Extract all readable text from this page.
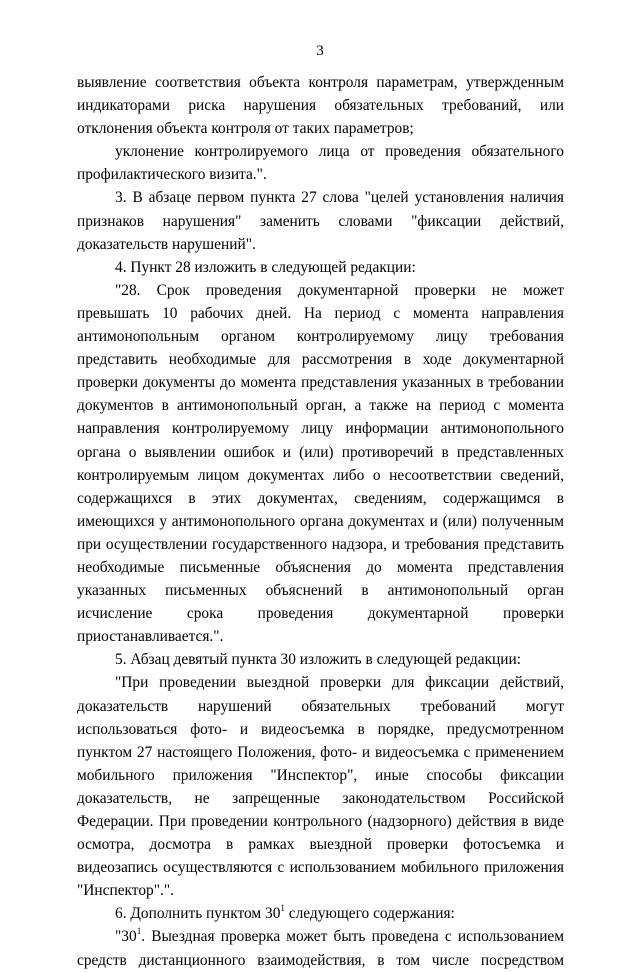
3

выявление соответствия объекта контроля параметрам, утвержденным индикаторами риска нарушения обязательных требований, или отклонения объекта контроля от таких параметров;

уклонение контролируемого лица от проведения обязательного профилактического визита.".

3. В абзаце первом пункта 27 слова "целей установления наличия признаков нарушения" заменить словами "фиксации действий, доказательств нарушений".

4. Пункт 28 изложить в следующей редакции:

"28. Срок проведения документарной проверки не может превышать 10 рабочих дней. На период с момента направления антимонопольным органом контролируемому лицу требования представить необходимые для рассмотрения в ходе документарной проверки документы до момента представления указанных в требовании документов в антимонопольный орган, а также на период с момента направления контролируемому лицу информации антимонопольного органа о выявлении ошибок и (или) противоречий в представленных контролируемым лицом документах либо о несоответствии сведений, содержащихся в этих документах, сведениям, содержащимся в имеющихся у антимонопольного органа документах и (или) полученным при осуществлении государственного надзора, и требования представить необходимые письменные объяснения до момента представления указанных письменных объяснений в антимонопольный орган исчисление срока проведения документарной проверки приостанавливается.".

5. Абзац девятый пункта 30 изложить в следующей редакции:

"При проведении выездной проверки для фиксации действий, доказательств нарушений обязательных требований могут использоваться фото- и видеосъемка в порядке, предусмотренном пунктом 27 настоящего Положения, фото- и видеосъемка с применением мобильного приложения "Инспектор", иные способы фиксации доказательств, не запрещенные законодательством Российской Федерации. При проведении контрольного (надзорного) действия в виде осмотра, досмотра в рамках выездной проверки фотосъемка и видеозапись осуществляются с использованием мобильного приложения "Инспектор".".

6. Дополнить пунктом $30^1$ следующего содержания:

"$30^1$. Выездная проверка может быть проведена с использованием средств дистанционного взаимодействия, в том числе посредством
